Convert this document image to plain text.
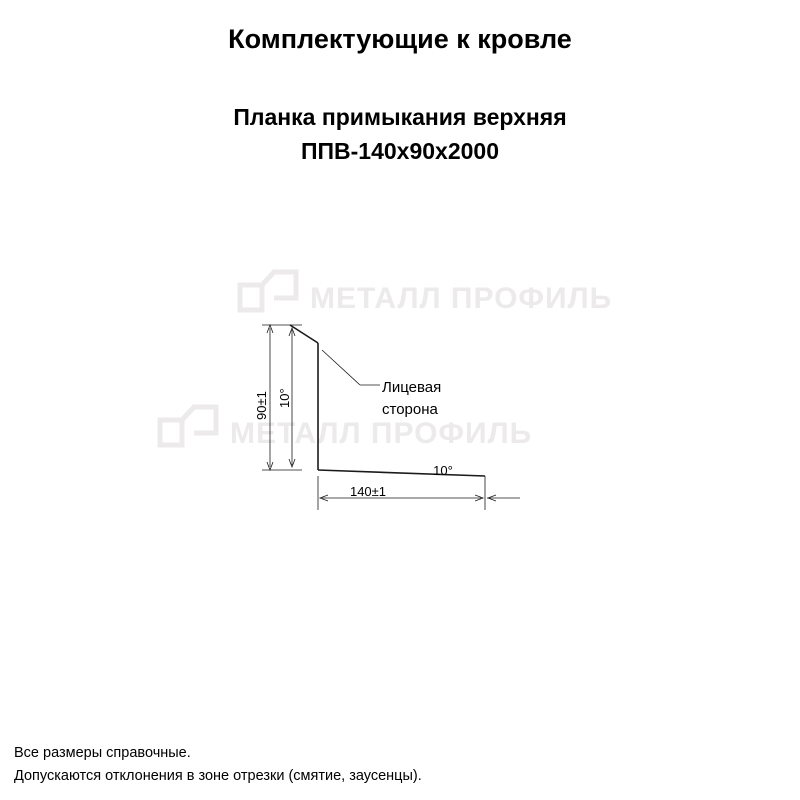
Комплектующие к кровле
Планка примыкания верхняя
ППВ-140x90x2000
МЕТАЛЛ ПРОФИЛЬ
МЕТАЛЛ ПРОФИЛЬ
90±1 10°
140±1
10°
Лицевая
сторона
Все размеры справочные.
Допускаются отклонения в зоне отрезки (смятие, заусенцы).
